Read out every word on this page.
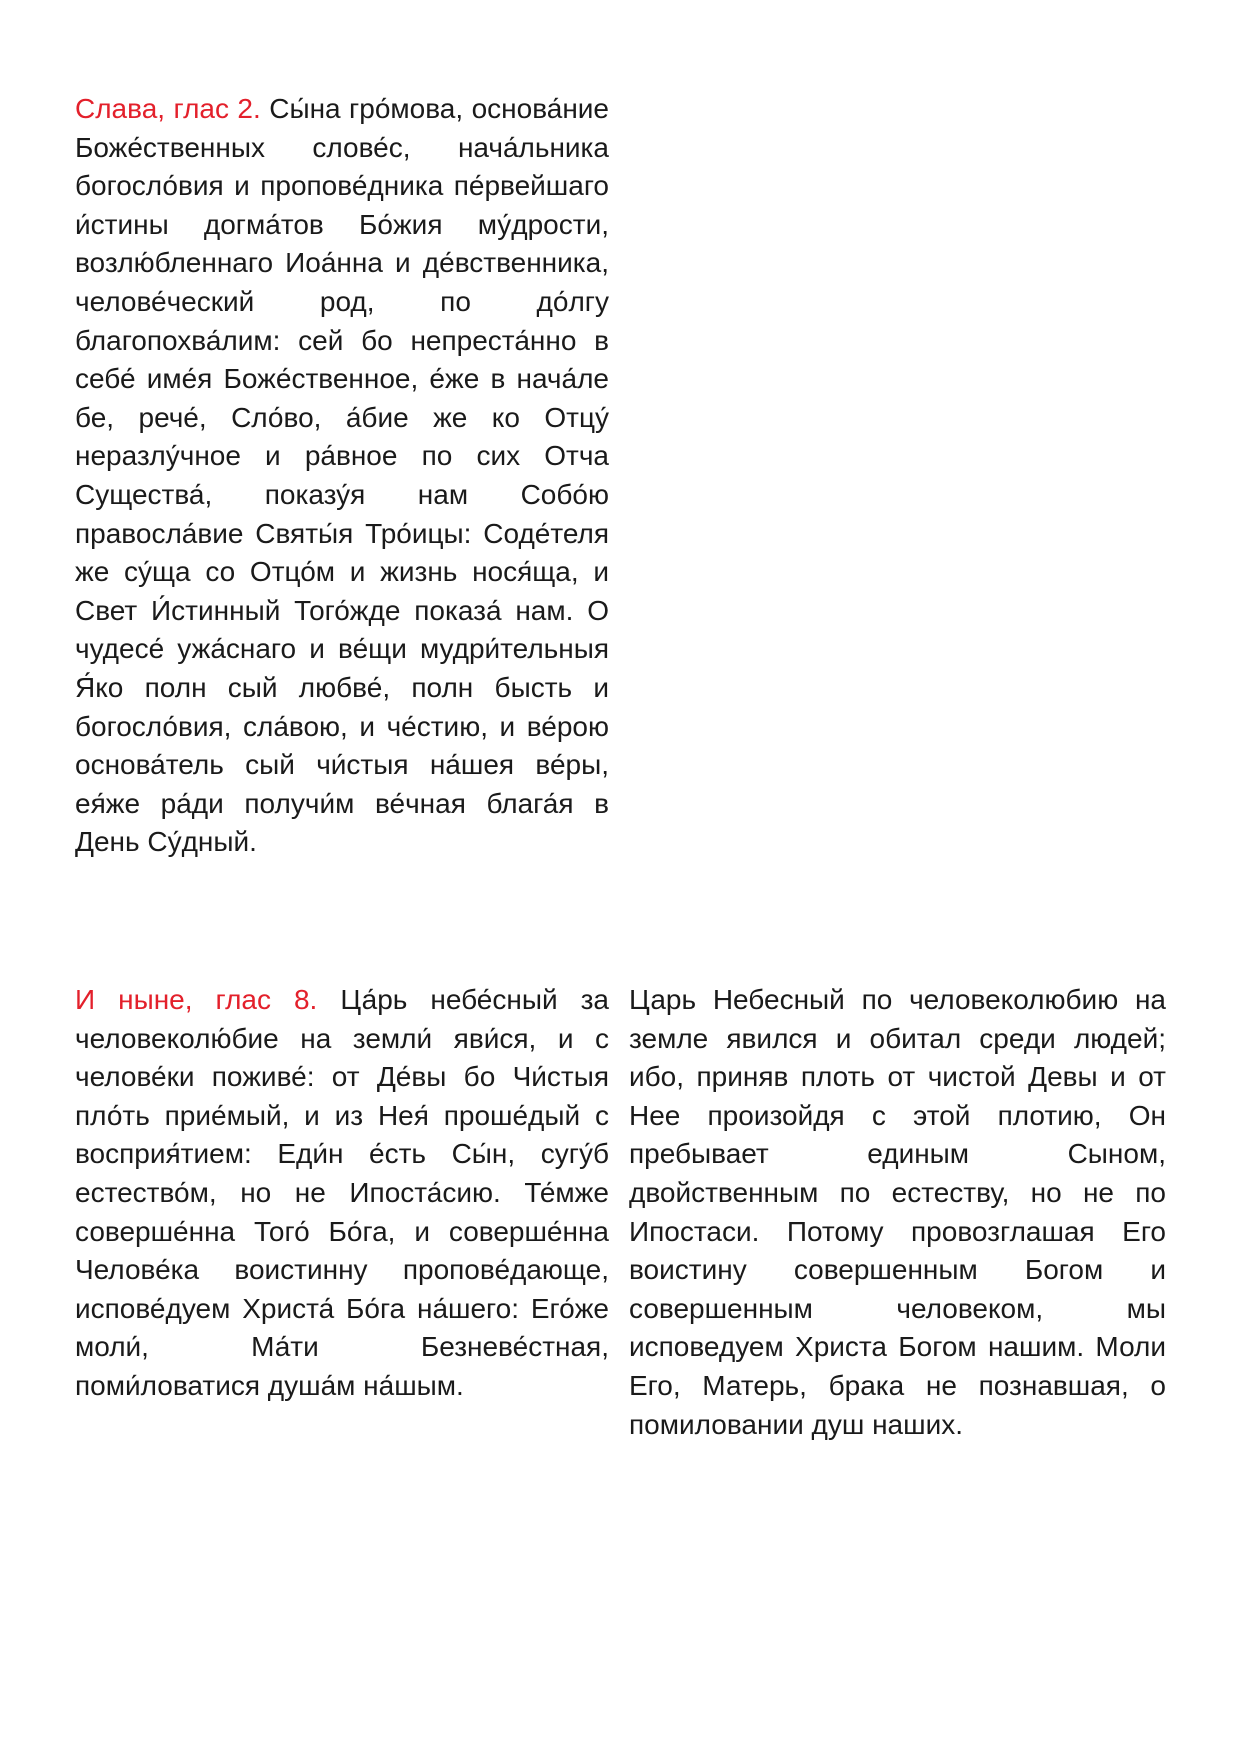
Слава, глас 2. Сы́на гро́мова, основа́ние Боже́ственных слове́с, нача́льника богосло́вия и пропове́дника пе́рвейшаго и́стины догма́тов Бо́жия му́дрости, возлю́бленнаго Иоа́нна и де́вственника, челове́ческий род, по до́лгу благопохва́лим: сей бо непреста́нно в себе́ име́я Боже́ственное, е́же в нача́ле бе, рече́, Сло́во, а́бие же ко Отцу́ неразлу́чное и ра́вное по сих Отча Существа́, показу́я нам Собо́ю правосла́вие Святы́я Тро́ицы: Соде́теля же су́ща со Отцо́м и жизнь нося́ща, и Свет И́стинный Того́жде показа́ нам. О чудесе́ ужа́снаго и ве́щи мудри́тельныя Я́ко полн сый любве́, полн бысть и богосло́вия, сла́вою, и че́стию, и ве́рою основа́тель сый чи́стыя на́шея ве́ры, ея́же ра́ди получи́м ве́чная блага́я в День Су́дный.

И ныне, глас 8. Ца́рь небе́сный за человеколю́бие на земли́ яви́ся, и с челове́ки поживе́: от Де́вы бо Чи́стыя пло́ть прие́мый, и из Нея́ проше́дый с восприя́тием: Еди́н е́сть Сы́н, сугу́б естество́м, но не Ипоста́сию. Те́мже соверше́нна Того́ Бо́га, и соверше́нна Челове́ка воистинну пропове́дающе, испове́дуем Христа́ Бо́га на́шего: Его́же моли́, Ма́ти Безневе́стная, поми́ловатися душа́м на́шым.

Царь Небесный по человеколюбию на земле явился и обитал среди людей; ибо, приняв плоть от чистой Девы и от Нее произойдя с этой плотию, Он пребывает единым Сыном, двойственным по естеству, но не по Ипостаси. Потому провозглашая Его воистину совершенным Богом и совершенным человеком, мы исповедуем Христа Богом нашим. Моли Его, Матерь, брака не познавшая, о помиловании душ наших.
